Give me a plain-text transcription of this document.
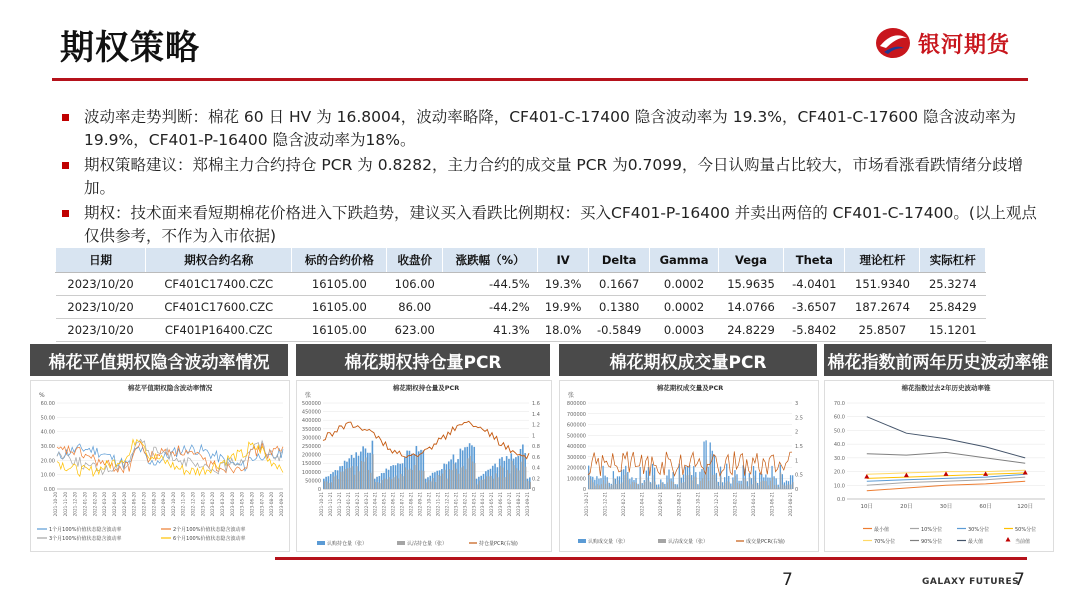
期权策略	银河期货
波动率走势判断：棉花 60 日 HV 为 16.8004，波动率略降，CF401-C-17400 隐含波动率为 19.3%，CF401-C-17600 隐含波动率为 19.9%，CF401-P-16400 隐含波动率为18%。
期权策略建议：郑棉主力合约持仓 PCR 为 0.8282，主力合约的成交量 PCR 为0.7099，今日认购量占比较大，市场看涨看跌情绪分歧增加。
期权：技术面来看短期棉花价格进入下跌趋势，建议买入看跌比例期权：买入CF401-P-16400 并卖出两倍的 CF401-C-17400。(以上观点仅供参考，不作为入市依据)
日期	期权合约名称	标的合约价格	收盘价	涨跌幅（%）	IV	Delta	Gamma	Vega	Theta	理论杠杆	实际杠杆
2023/10/20	CF401C17400.CZC	16105.00	106.00	-44.5%	19.3%	0.1667	0.0002	15.9635	-4.0401	151.9340	25.3274
2023/10/20	CF401C17600.CZC	16105.00	86.00	-44.2%	19.9%	0.1380	0.0002	14.0766	-3.6507	187.2674	25.8429
2023/10/20	CF401P16400.CZC	16105.00	623.00	41.3%	18.0%	-0.5849	0.0003	24.8229	-5.8402	25.8507	15.1201
棉花平值期权隐含波动率情况	棉花期权持仓量PCR	棉花期权成交量PCR	棉花指数前两年历史波动率锥
棉花平值期权隐含波动率情况
%
60.00
50.00
40.00
30.00
20.00
10.00
0.00
2021-10-20 2021-11-20 2021-12-20 2022-01-20 2022-02-20 2022-03-20 2022-04-20 2022-05-20 2022-06-20 2022-07-20 2022-08-20 2022-09-20 2022-10-20 2022-11-20 2022-12-20 2023-01-20 2023-02-20 2023-03-20 2023-04-20 2023-05-20 2023-06-20 2023-07-20 2023-08-20 2023-09-20
1个月100%价值状态隐含波动率	2个月100%价值状态隐含波动率
3个月100%价值状态隐含波动率	6个月100%价值状态隐含波动率
棉花期权持仓量及PCR
张
500000
450000
400000
350000
300000
250000
200000
150000
100000
50000
0
1.6
1.4
1.2
1
0.8
0.6
0.4
0.2
0
2021-10-21 2021-11-21 2021-12-21 2022-01-21 2022-02-21 2022-03-21 2022-04-21 2022-05-21 2022-06-21 2022-07-21 2022-08-21 2022-09-21 2022-10-21 2022-11-21 2022-12-21 2023-01-21 2023-02-21 2023-03-21 2023-04-21 2023-05-21 2023-06-21 2023-07-21 2023-08-21 2023-09-21
认购持仓量（张）	认沽持仓量（张）	持仓量PCR(右轴)
棉花期权成交量及PCR
张
800000
700000
600000
500000
400000
300000
200000
100000
0
3
2.5
2
1.5
1
0.5
0
2021-10-21	2021-12-21	2022-02-21	2022-04-21	2022-06-21	2022-08-21	2022-10-21	2022-12-21	2023-02-21	2023-04-21	2023-06-21	2023-08-21
认购成交量（张）	认沽成交量（张）	成交量PCR(右轴)
棉花指数过去2年历史波动率锥
70.0
60.0
50.0
40.0
30.0
20.0
10.0
0.0
10日	20日	30日	60日	120日
最小值	10%分位	30%分位	50%分位
70%分位	90%分位	最大值	当前值
7	GALAXY FUTURES
7
